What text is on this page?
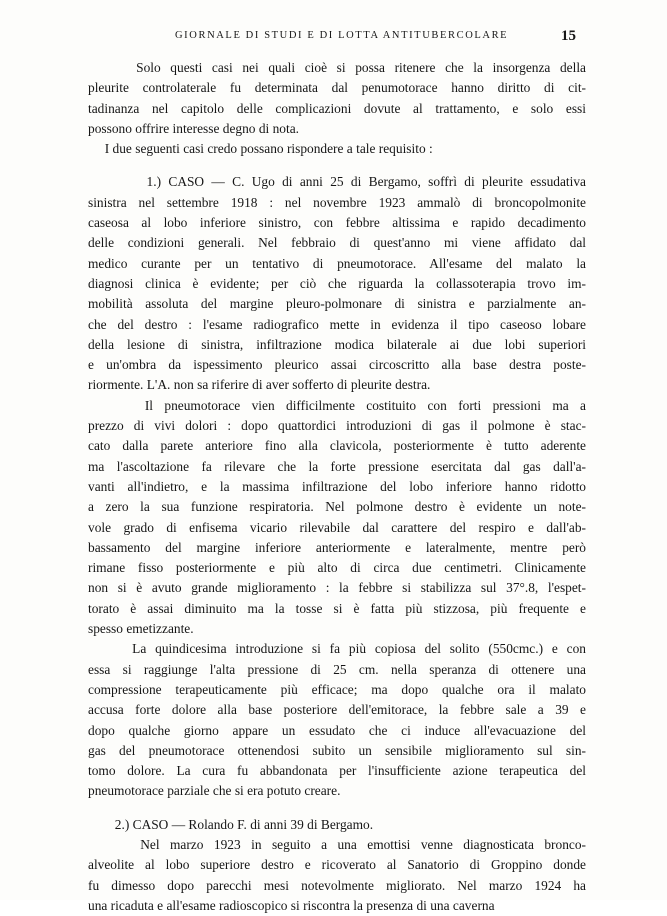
GIORNALE DI STUDI E DI LOTTA ANTITUBERCOLARE	15
Solo questi casi nei quali cioè si possa ritenere che la insorgenza della
pleurite controlaterale fu determinata dal penumotorace hanno diritto di cit-
tadinanza nel capitolo delle complicazioni dovute al trattamento, e solo essi
possono offrire interesse degno di nota.
I due seguenti casi credo possano rispondere a tale requisito :
1.) CASO — C. Ugo di anni 25 di Bergamo, soffrì di pleurite essudativa
sinistra nel settembre 1918 : nel novembre 1923 ammalò di broncopolmonite
caseosa al lobo inferiore sinistro, con febbre altissima e rapido decadimento
delle condizioni generali. Nel febbraio di quest'anno mi viene affidato dal
medico curante per un tentativo di pneumotorace. All'esame del malato la
diagnosi clinica è evidente; per ciò che riguarda la collassoterapia trovo im-
mobilità assoluta del margine pleuro-polmonare di sinistra e parzialmente an-
che del destro : l'esame radiografico mette in evidenza il tipo caseoso lobare
della lesione di sinistra, infiltrazione modica bilaterale ai due lobi superiori
e un'ombra da ispessimento pleurico assai circoscritto alla base destra poste-
riormente. L'A. non sa riferire di aver sofferto di pleurite destra.
Il pneumotorace vien difficilmente costituito con forti pressioni ma a
prezzo di vivi dolori : dopo quattordici introduzioni di gas il polmone è stac-
cato dalla parete anteriore fino alla clavicola, posteriormente è tutto aderente
ma l'ascoltazione fa rilevare che la forte pressione esercitata dal gas dall'a-
vanti all'indietro, e la massima infiltrazione del lobo inferiore hanno ridotto
a zero la sua funzione respiratoria. Nel polmone destro è evidente un note-
vole grado di enfisema vicario rilevabile dal carattere del respiro e dall'ab-
bassamento del margine inferiore anteriormente e lateralmente, mentre però
rimane fisso posteriormente e più alto di circa due centimetri. Clinicamente
non si è avuto grande miglioramento : la febbre si stabilizza sul 37°.8, l'espet-
torato è assai diminuito ma la tosse si è fatta più stizzosa, più frequente e
spesso emetizzante.
La quindicesima introduzione si fa più copiosa del solito (550cmc.) e con
essa si raggiunge l'alta pressione di 25 cm. nella speranza di ottenere una
compressione terapeuticamente più efficace; ma dopo qualche ora il malato
accusa forte dolore alla base posteriore dell'emitorace, la febbre sale a 39 e
dopo qualche giorno appare un essudato che ci induce all'evacuazione del
gas del pneumotorace ottenendosi subito un sensibile miglioramento sul sin-
tomo dolore. La cura fu abbandonata per l'insufficiente azione terapeutica del
pneumotorace parziale che si era potuto creare.
2.) CASO — Rolando F. di anni 39 di Bergamo.
Nel marzo 1923 in seguito a una emottisi venne diagnosticata bronco-
alveolite al lobo superiore destro e ricoverato al Sanatorio di Groppino donde
fu dimesso dopo parecchi mesi notevolmente migliorato. Nel marzo 1924 ha
una ricaduta e all'esame radioscopico si riscontra la presenza di una caverna
